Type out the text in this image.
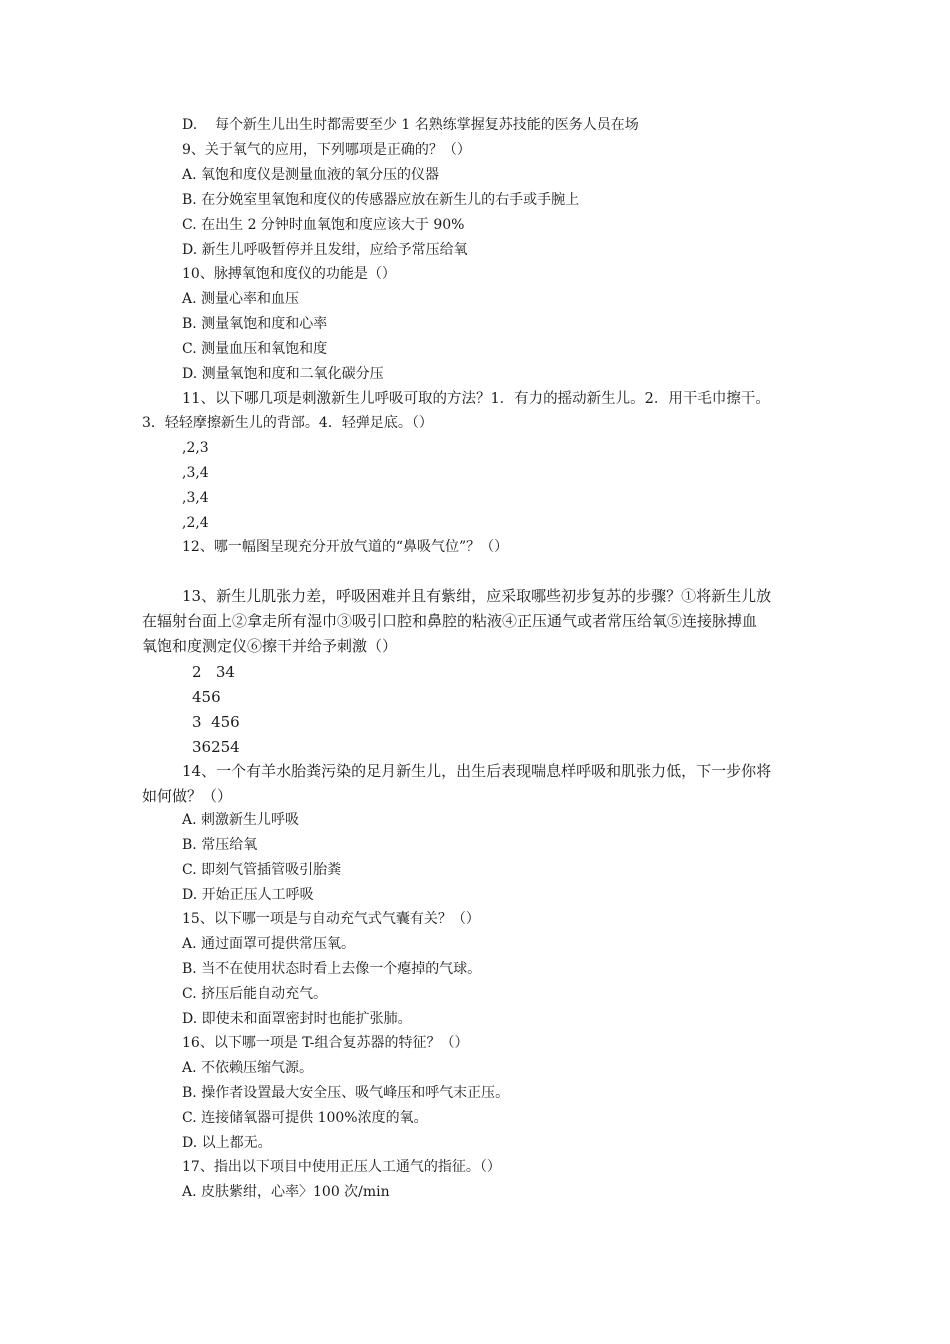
D.    每个新生儿出生时都需要至少 1 名熟练掌握复苏技能的医务人员在场
9、关于氧气的应用，下列哪项是正确的？（）
A. 氧饱和度仪是测量血液的氧分压的仪器
B. 在分娩室里氧饱和度仪的传感器应放在新生儿的右手或手腕上
C. 在出生 2 分钟时血氧饱和度应该大于 90%
D. 新生儿呼吸暂停并且发绀，应给予常压给氧
10、脉搏氧饱和度仪的功能是（）
A. 测量心率和血压
B. 测量氧饱和度和心率
C. 测量血压和氧饱和度
D. 测量氧饱和度和二氧化碳分压
11、以下哪几项是刺激新生儿呼吸可取的方法？1．有力的摇动新生儿。2．用干毛巾擦干。
3．轻轻摩擦新生儿的背部。4．轻弹足底。（）
,2,3
,3,4
,3,4
,2,4
12、哪一幅图呈现充分开放气道的“鼻吸气位”？（）
13、新生儿肌张力差，呼吸困难并且有紫绀，应采取哪些初步复苏的步骤？①将新生儿放
在辐射台面上②拿走所有湿巾③吸引口腔和鼻腔的粘液④正压通气或者常压给氧⑤连接脉搏血
氧饱和度测定仪⑥擦干并给予刺激（）
2   34
456
3  456
36254
14、一个有羊水胎粪污染的足月新生儿，出生后表现喘息样呼吸和肌张力低，下一步你将
如何做？（）
A. 刺激新生儿呼吸
B. 常压给氧
C. 即刻气管插管吸引胎粪
D. 开始正压人工呼吸
15、以下哪一项是与自动充气式气囊有关？（）
A. 通过面罩可提供常压氧。
B. 当不在使用状态时看上去像一个瘪掉的气球。
C. 挤压后能自动充气。
D. 即使未和面罩密封时也能扩张肺。
16、以下哪一项是 T-组合复苏器的特征？（）
A. 不依赖压缩气源。
B. 操作者设置最大安全压、吸气峰压和呼气末正压。
C. 连接储氧器可提供 100%浓度的氧。
D. 以上都无。
17、指出以下项目中使用正压人工通气的指征。（）
A. 皮肤紫绀，心率〉100 次/min
